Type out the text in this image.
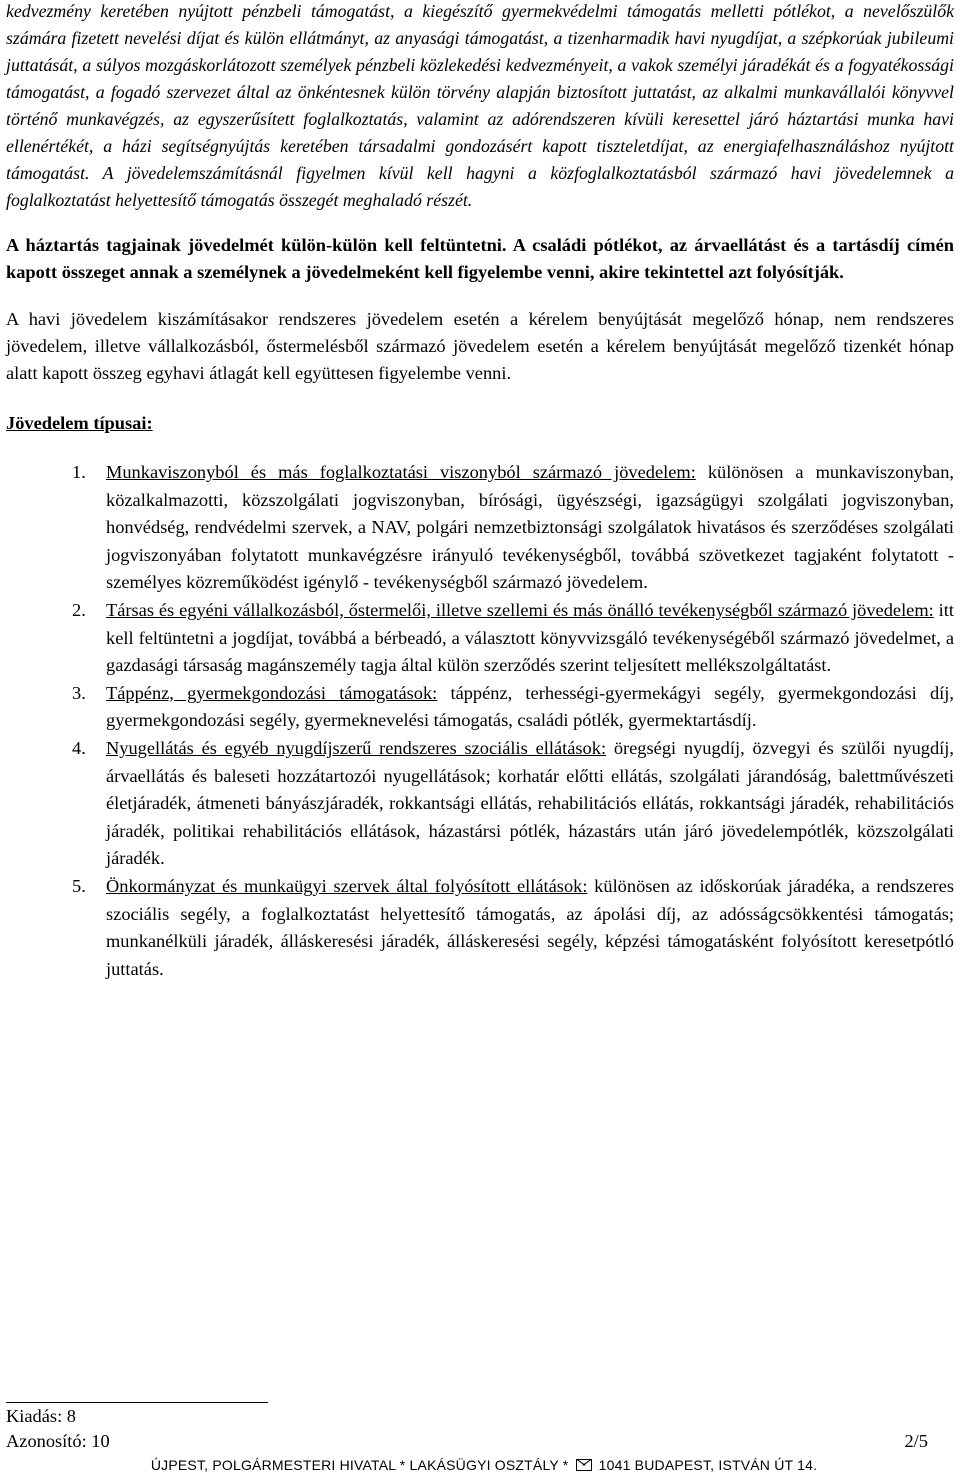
kedvezmény keretében nyújtott pénzbeli támogatást, a kiegészítő gyermekvédelmi támogatás melletti pótlékot, a nevelőszülők számára fizetett nevelési díjat és külön ellátmányt, az anyasági támogatást, a tizenharmadik havi nyugdíjat, a szépkorúak jubileumi juttatását, a súlyos mozgáskorlátozott személyek pénzbeli közlekedési kedvezményeit, a vakok személyi járadékát és a fogyatékossági támogatást, a fogadó szervezet által az önkéntesnek külön törvény alapján biztosított juttatást, az alkalmi munkavállalói könyvvel történő munkavégzés, az egyszerűsített foglalkoztatás, valamint az adórendszeren kívüli keresettel járó háztartási munka havi ellenértékét, a házi segítségnyújtás keretében társadalmi gondozásért kapott tiszteletdíjat, az energiafelhasználáshoz nyújtott támogatást. A jövedelemszámításnál figyelmen kívül kell hagyni a közfoglalkoztatásból származó havi jövedelemnek a foglalkoztatást helyettesítő támogatás összegét meghaladó részét.

A háztartás tagjainak jövedelmét külön-külön kell feltüntetni. A családi pótlékot, az árvaellátást és a tartásdíj címén kapott összeget annak a személynek a jövedelmeként kell figyelembe venni, akire tekintettel azt folyósítják.

A havi jövedelem kiszámításakor rendszeres jövedelem esetén a kérelem benyújtását megelőző hónap, nem rendszeres jövedelem, illetve vállalkozásból, őstermelésből származó jövedelem esetén a kérelem benyújtását megelőző tizenkét hónap alatt kapott összeg egyhavi átlagát kell együttesen figyelembe venni.

Jövedelem típusai:
1. Munkaviszonyból és más foglalkoztatási viszonyból származó jövedelem: különösen a munkaviszonyban, közalkalmazotti, közszolgálati jogviszonyban, bírósági, ügyészségi, igazságügyi szolgálati jogviszonyban, honvédség, rendvédelmi szervek, a NAV, polgári nemzetbiztonsági szolgálatok hivatásos és szerződéses szolgálati jogviszonyában folytatott munkavégzésre irányuló tevékenységből, továbbá szövetkezet tagjaként folytatott - személyes közreműködést igénylő - tevékenységből származó jövedelem.
2. Társas és egyéni vállalkozásból, őstermelői, illetve szellemi és más önálló tevékenységből származó jövedelem: itt kell feltüntetni a jogdíjat, továbbá a bérbeadó, a választott könyvvizsgáló tevékenységéből származó jövedelmet, a gazdasági társaság magánszemély tagja által külön szerződés szerint teljesített mellékszolgáltatást.
3. Táppénz, gyermekgondozási támogatások: táppénz, terhességi-gyermekágyi segély, gyermekgondozási díj, gyermekgondozási segély, gyermeknevelési támogatás, családi pótlék, gyermektartásdíj.
4. Nyugellátás és egyéb nyugdíjszerű rendszeres szociális ellátások: öregségi nyugdíj, özvegyi és szülői nyugdíj, árvaellátás és baleseti hozzátartozói nyugellátások; korhatár előtti ellátás, szolgálati járandóság, balettművészeti életjáradék, átmeneti bányászjáradék, rokkantsági ellátás, rehabilitációs ellátás, rokkantsági járadék, rehabilitációs járadék, politikai rehabilitációs ellátások, házastársi pótlék, házastárs után járó jövedelempótlék, közszolgálati járadék.
5. Önkormányzat és munkaügyi szervek által folyósított ellátások: különösen az időskorúak járadéka, a rendszeres szociális segély, a foglalkoztatást helyettesítő támogatás, az ápolási díj, az adósságcsökkentési támogatás; munkanélküli járadék, álláskeresési járadék, álláskeresési segély, képzési támogatásként folyósított keresetpótló juttatás.
Kiadás: 8
Azonosító: 10	2/5
ÚJPEST, POLGÁRMESTERI HIVATAL * LAKÁSÜGYI OSZTÁLY * 1041 BUDAPEST, ISTVÁN ÚT 14.
